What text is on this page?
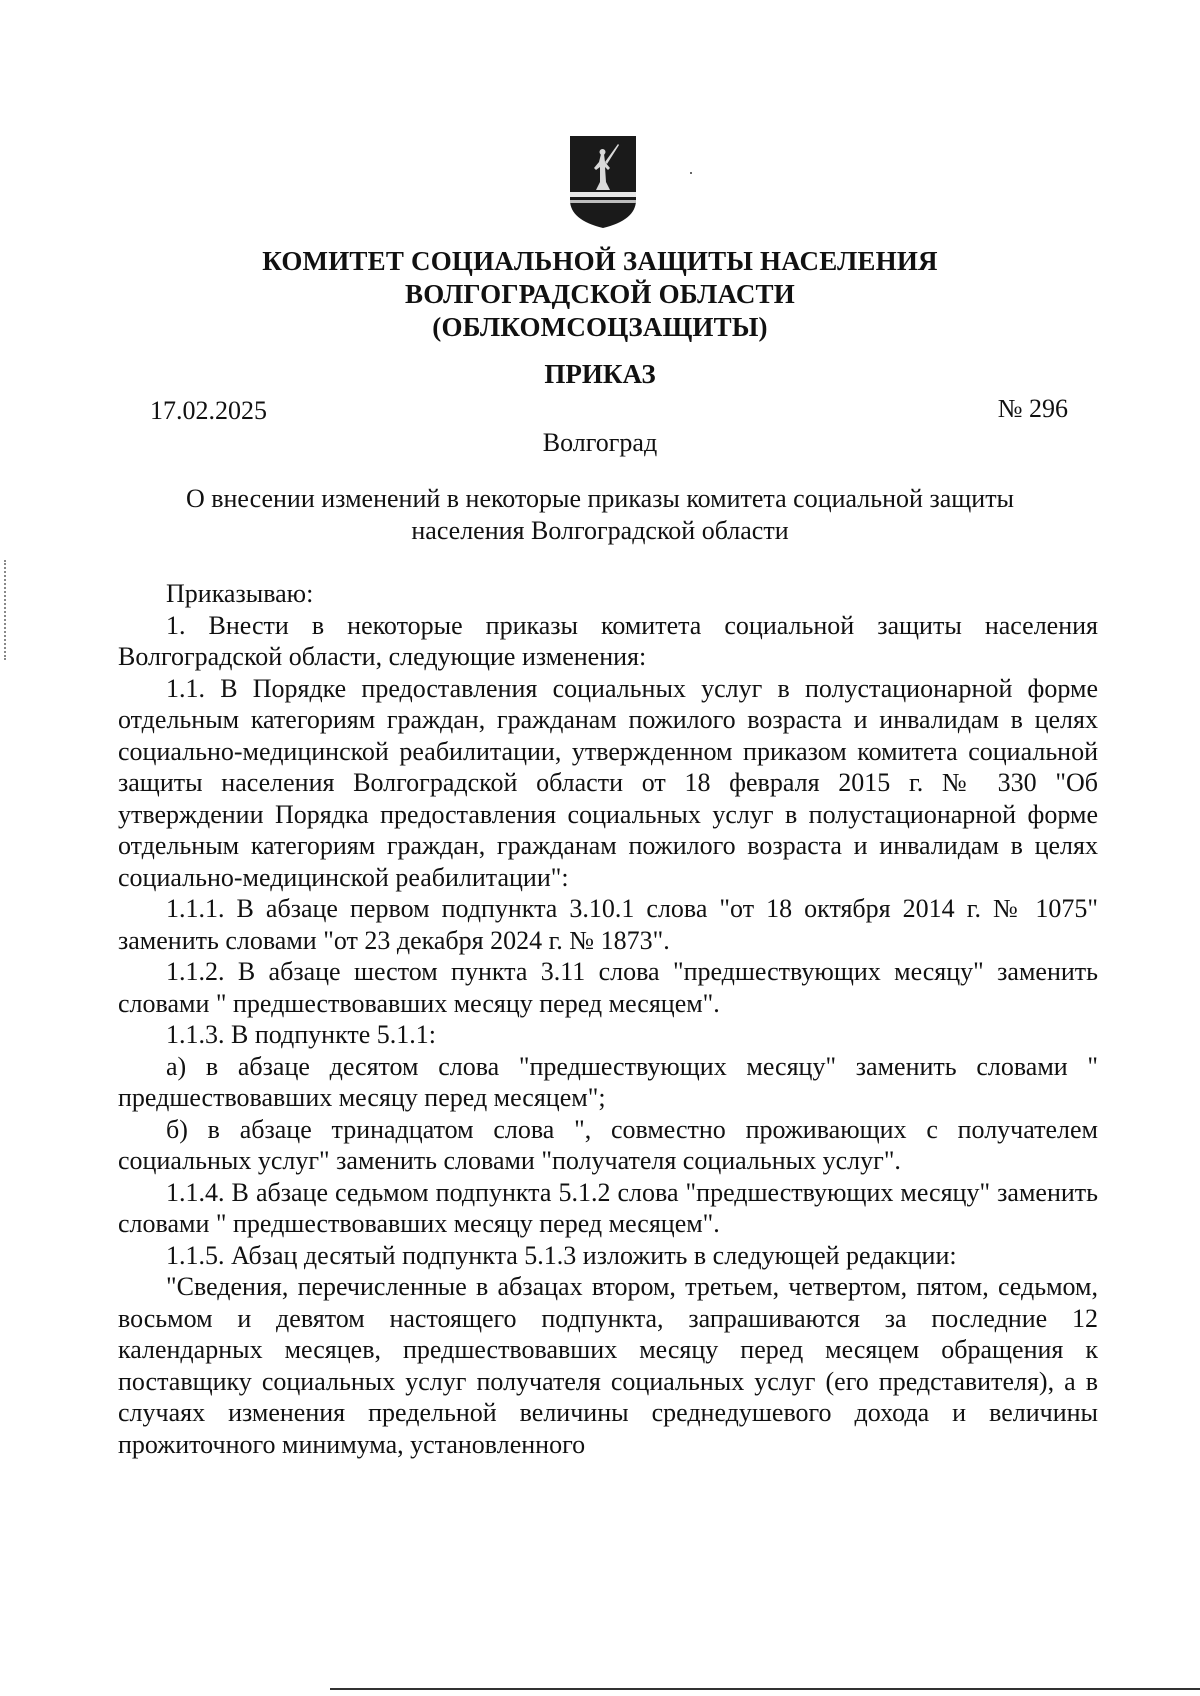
КОМИТЕТ СОЦИАЛЬНОЙ ЗАЩИТЫ НАСЕЛЕНИЯ
ВОЛГОГРАДСКОЙ ОБЛАСТИ
(ОБЛКОМСОЦЗАЩИТЫ)
ПРИКАЗ
17.02.2025	№ 296
Волгоград
О внесении изменений в некоторые приказы комитета социальной защиты
населения Волгоградской области

Приказываю:

1. Внести в некоторые приказы комитета социальной защиты населения Волгоградской области, следующие изменения:

1.1. В Порядке предоставления социальных услуг в полустационарной форме отдельным категориям граждан, гражданам пожилого возраста и инвалидам в целях социально-медицинской реабилитации, утвержденном приказом комитета социальной защиты населения Волгоградской области от 18 февраля 2015 г. № 330 "Об утверждении Порядка предоставления социальных услуг в полустационарной форме отдельным категориям граждан, гражданам пожилого возраста и инвалидам в целях социально-медицинской реабилитации":

1.1.1. В абзаце первом подпункта 3.10.1 слова "от 18 октября 2014 г. № 1075" заменить словами "от 23 декабря 2024 г. № 1873".

1.1.2. В абзаце шестом пункта 3.11 слова "предшествующих месяцу" заменить словами " предшествовавших месяцу перед месяцем".

1.1.3. В подпункте 5.1.1:

а) в абзаце десятом слова "предшествующих месяцу" заменить словами " предшествовавших месяцу перед месяцем";

б) в абзаце тринадцатом слова ", совместно проживающих с получателем социальных услуг" заменить словами "получателя социальных услуг".

1.1.4. В абзаце седьмом подпункта 5.1.2 слова "предшествующих месяцу" заменить словами " предшествовавших месяцу перед месяцем".

1.1.5. Абзац десятый подпункта 5.1.3 изложить в следующей редакции:

"Сведения, перечисленные в абзацах втором, третьем, четвертом, пятом, седьмом, восьмом и девятом настоящего подпункта, запрашиваются за последние 12 календарных месяцев, предшествовавших месяцу перед месяцем обращения к поставщику социальных услуг получателя социальных услуг (его представителя), а в случаях изменения предельной величины среднедушевого дохода и величины прожиточного минимума, установленного
